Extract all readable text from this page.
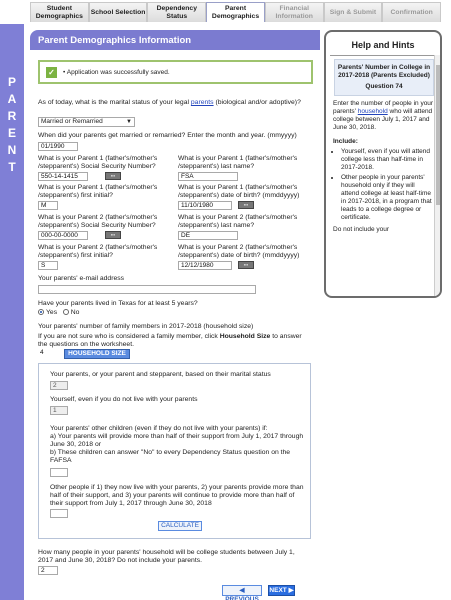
Student Demographics
School Selection
Dependency Status
Parent Demographics
Financial Information
Sign & Submit	Confirmation
P
A
R
E
N
T
Parent Demographics Information
✓	• Application was successfully saved.
As of today, what is the marital status of your legal parents (biological and/or adoptive)?
Married or Remarried	▼
When did your parents get married or remarried? Enter the month and year. (mmyyyy)
01/1990
What is your Parent 1 (father's/mother's /stepparent's) Social Security Number?
550-14-1415	▪▪▪
What is your Parent 1 (father's/mother's /stepparent's) last name?
FSA
What is your Parent 1 (father's/mother's /stepparent's) first initial?
M
What is your Parent 1 (father's/mother's /stepparent's) date of birth? (mmddyyyy)
11/10/1980	▪▪▪
What is your Parent 2 (father's/mother's /stepparent's) Social Security Number?
000-00-0000	▪▪▪
What is your Parent 2 (father's/mother's /stepparent's) last name?
DE
What is your Parent 2 (father's/mother's /stepparent's) first initial?
S
What is your Parent 2 (father's/mother's /stepparent's) date of birth? (mmddyyyy)
12/12/1980	▪▪▪
Your parents' e-mail address
Have your parents lived in Texas for at least 5 years?
Yes No
Your parents' number of family members in 2017-2018 (household size)
If you are not sure who is considered a family member, click Household Size to answer the questions on the worksheet.
4	HOUSEHOLD SIZE
Your parents, or your parent and stepparent, based on their marital status
2
Yourself, even if you do not live with your parents
1
Your parents' other children (even if they do not live with your parents) if:
a) Your parents will provide more than half of their support from July 1, 2017 through June 30, 2018 or
b) These children can answer "No" to every Dependency Status question on the FAFSA
Other people if 1) they now live with your parents, 2) your parents provide more than half of their support, and 3) your parents will continue to provide more than half of their support from July 1, 2017 through June 30, 2018
CALCULATE
How many people in your parents' household will be college students between July 1, 2017 and June 30, 2018? Do not include your parents.
2
◀ PREVIOUS
NEXT ▶
Help and Hints
Parents' Number in College in 2017-2018 (Parents Excluded)
Question 74
Enter the number of people in your parents' household who will attend college between July 1, 2017 and June 30, 2018.
Include:
• Yourself, even if you will attend college less than half-time in 2017-2018.
• Other people in your parents' household only if they will attend college at least half-time in 2017-2018, in a program that leads to a college degree or certificate.
Do not include your
